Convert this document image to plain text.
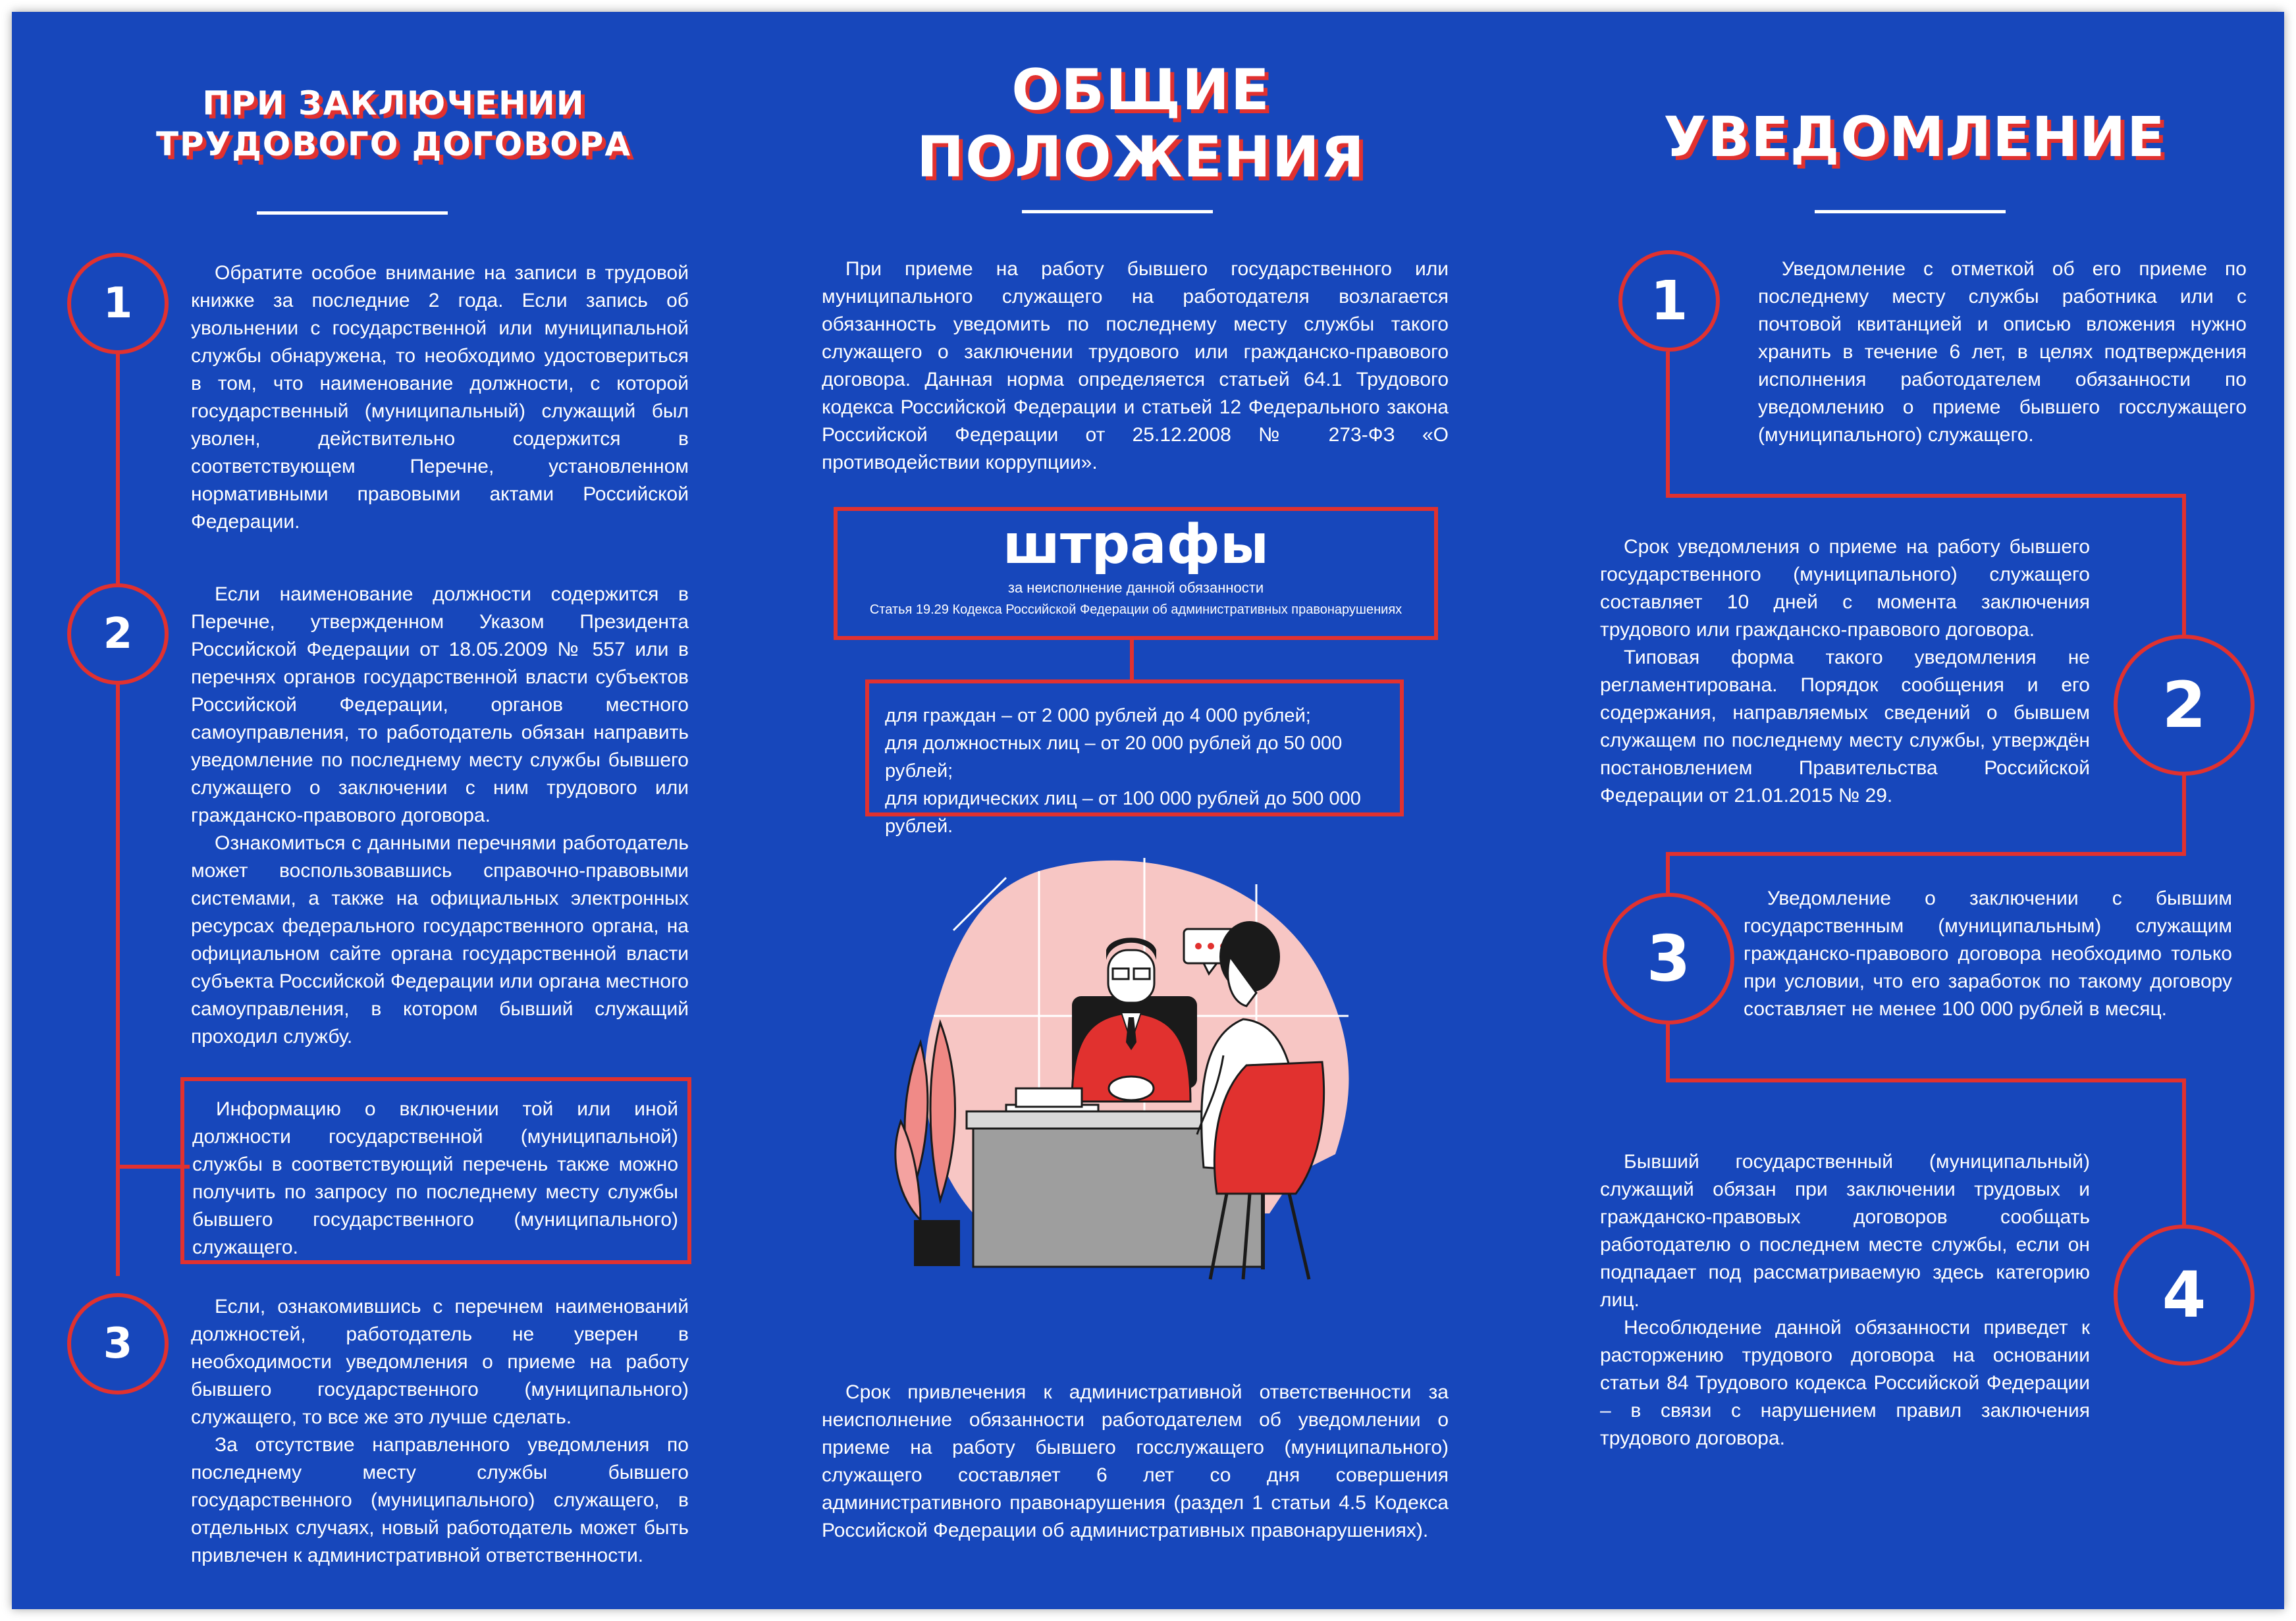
ПРИ ЗАКЛЮЧЕНИИ
ТРУДОВОГО ДОГОВОРА
1

Обратите особое внимание на записи в трудовой книжке за последние 2 года. Если запись об увольнении с государственной или муниципальной службы обнаружена, то необходимо удостовериться в том, что наименование должности, с которой государственный (муниципальный) служащий был уволен, действительно содержится в соответствующем Перечне, установленном нормативными правовыми актами Российской Федерации.

2

Если наименование должности содержится в Перечне, утвержденном Указом Президента Российской Федерации от 18.05.2009 № 557 или в перечнях органов государственной власти субъектов Российской Федерации, органов местного самоуправления, то работодатель обязан направить уведомление по последнему месту службы бывшего служащего о заключении с ним трудового или гражданско-правового договора.
Ознакомиться с данными перечнями работодатель может воспользовавшись справочно-правовыми системами, а также на официальных электронных ресурсах федерального государственного органа, на официальном сайте органа государственной власти субъекта Российской Федерации или органа местного самоуправления, в котором бывший служащий проходил службу.

Информацию о включении той или иной должности государственной (муниципальной) службы в соответствующий перечень также можно получить по запросу по последнему месту службы бывшего государственного (муниципального) служащего.

3

Если, ознакомившись с перечнем наименований должностей, работодатель не уверен в необходимости уведомления о приеме на работу бывшего государственного (муниципального) служащего, то все же это лучше сделать.
За отсутствие направленного уведомления по последнему месту службы бывшего государственного (муниципального) служащего, в отдельных случаях, новый работодатель может быть привлечен к административной ответственности.

ОБЩИЕ
ПОЛОЖЕНИЯ

При приеме на работу бывшего государственного или муниципального служащего на работодателя возлагается обязанность уведомить по последнему месту службы такого служащего о заключении трудового или гражданско-правового договора. Данная норма определяется статьей 64.1 Трудового кодекса Российской Федерации и статьей 12 Федерального закона Российской Федерации от 25.12.2008 № 273-ФЗ «О противодействии коррупции».

штрафы
за неисполнение данной обязанности
Статья 19.29 Кодекса Российской Федерации об административных правонарушениях
для граждан – от 2 000 рублей до 4 000 рублей;
для должностных лиц – от 20 000 рублей до 50 000 рублей;
для юридических лиц – от 100 000 рублей до 500 000 рублей.

Срок привлечения к административной ответственности за неисполнение обязанности работодателем об уведомлении о приеме на работу бывшего госслужащего (муниципального) служащего составляет 6 лет со дня совершения административного правонарушения (раздел 1 статьи 4.5 Кодекса Российской Федерации об административных правонарушениях).

УВЕДОМЛЕНИЕ
1

Уведомление с отметкой об его приеме по последнему месту службы работника или с почтовой квитанцией и описью вложения нужно хранить в течение 6 лет, в целях подтверждения исполнения работодателем обязанности по уведомлению о приеме бывшего госслужащего (муниципального) служащего.

Срок уведомления о приеме на работу бывшего государственного (муниципального) служащего составляет 10 дней с момента заключения трудового или гражданско-правового договора.
Типовая форма такого уведомления не регламентирована. Порядок сообщения и его содержания, направляемых сведений о бывшем служащем по последнему месту службы, утверждён постановлением Правительства Российской Федерации от 21.01.2015 № 29.

2
3

Уведомление о заключении с бывшим государственным (муниципальным) служащим гражданско-правового договора необходимо только при условии, что его заработок по такому договору составляет не менее 100 000 рублей в месяц.

Бывший государственный (муниципальный) служащий обязан при заключении трудовых и гражданско-правовых договоров сообщать работодателю о последнем месте службы, если он подпадает под рассматриваемую здесь категорию лиц.
Несоблюдение данной обязанности приведет к расторжению трудового договора на основании статьи 84 Трудового кодекса Российской Федерации – в связи с нарушением правил заключения трудового договора.

4
